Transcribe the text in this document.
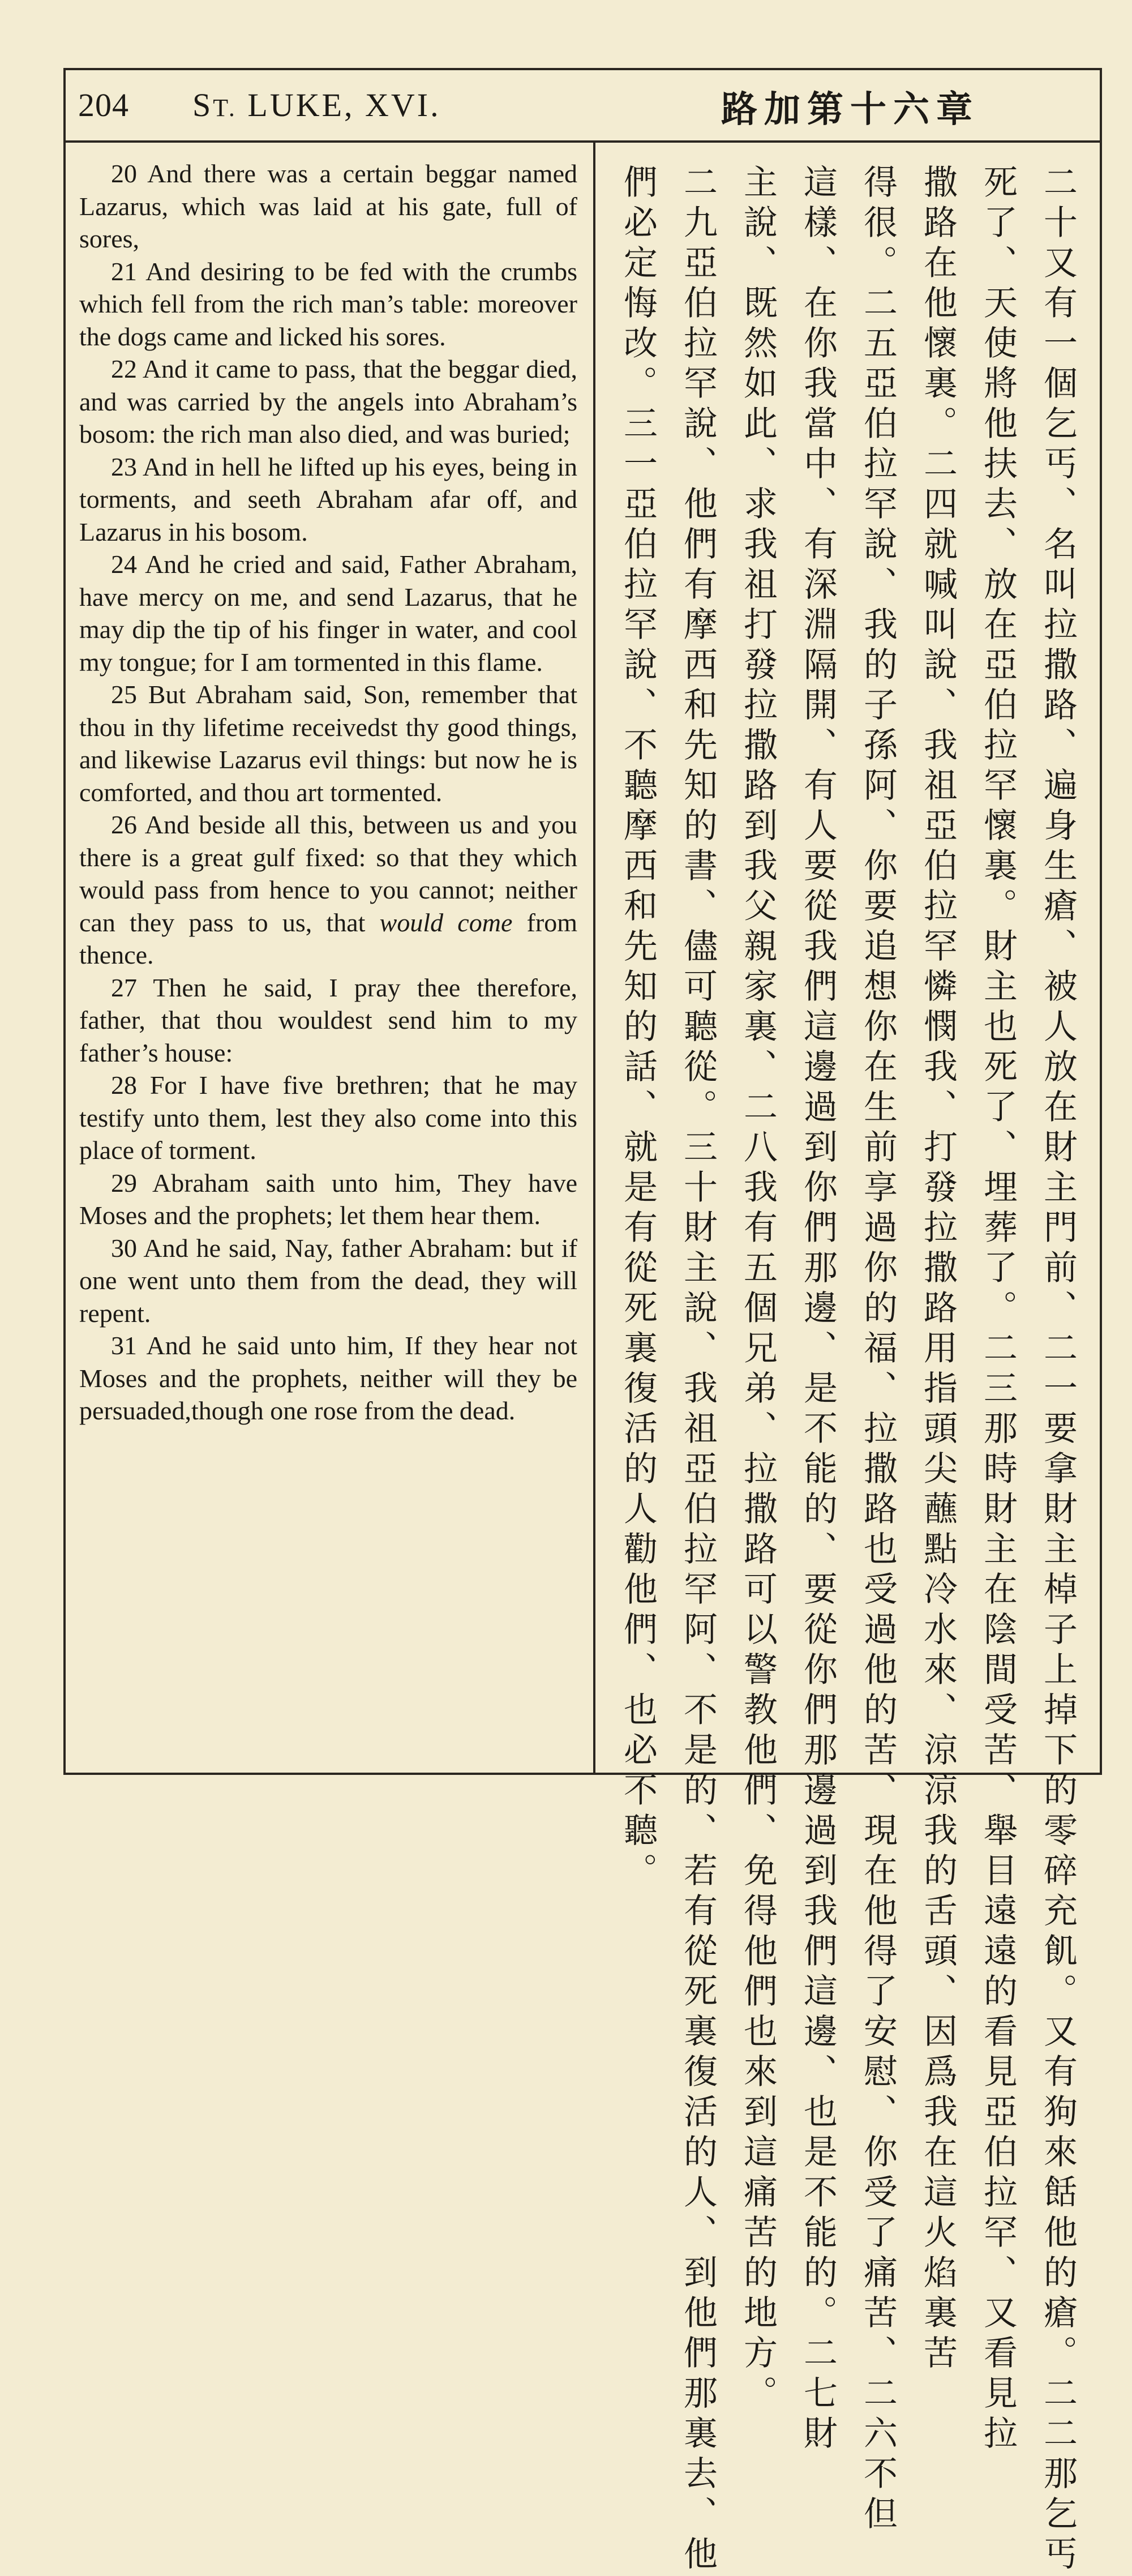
204 ST. LUKE, XVI.	路加第十六章

20 And there was a certain beggar named Lazarus, which was laid at his gate, full of sores,

21 And desiring to be fed with the crumbs which fell from the rich man’s table: moreover the dogs came and licked his sores.

22 And it came to pass, that the beggar died, and was carried by the angels into Abraham’s bosom: the rich man also died, and was buried;

23 And in hell he lifted up his eyes, being in torments, and seeth Abraham afar off, and Lazarus in his bosom.

24 And he cried and said, Father Abraham, have mercy on me, and send Lazarus, that he may dip the tip of his finger in water, and cool my tongue; for I am tormented in this flame.

25 But Abraham said, Son, remember that thou in thy lifetime receivedst thy good things, and likewise Lazarus evil things: but now he is comforted, and thou art tormented.

26 And beside all this, between us and you there is a great gulf fixed: so that they which would pass from hence to you cannot; neither can they pass to us, that would come from thence.

27 Then he said, I pray thee therefore, father, that thou wouldest send him to my father’s house:

28 For I have five brethren; that he may testify unto them, lest they also come into this place of torment.

29 Abraham saith unto him, They have Moses and the prophets; let them hear them.

30 And he said, Nay, father Abraham: but if one went unto them from the dead, they will repent.

31 And he said unto him, If they hear not Moses and the prophets, neither will they be persuaded,though one rose from the dead.	二十又有一個乞丐、名叫拉撒路、遍身生瘡、被人放在財主門前、二一要拿財主棹子上掉下的零碎充飢。又有狗來餂他的瘡。二二那乞丐
死了、天使將他扶去、放在亞伯拉罕懷裏。財主也死了、埋葬了。二三那時財主在陰間受苦、舉目遠遠的看見亞伯拉罕、又看見拉
撒路在他懷裏。二四就喊叫說、我祖亞伯拉罕憐憫我、打發拉撒路用指頭尖蘸點冷水來、涼涼我的舌頭、因爲我在這火焰裏苦
得很。二五亞伯拉罕說、我的子孫阿、你要追想你在生前享過你的福、拉撒路也受過他的苦、現在他得了安慰、你受了痛苦、二六不但
這樣、在你我當中、有深淵隔開、有人要從我們這邊過到你們那邊、是不能的、要從你們那邊過到我們這邊、也是不能的。二七財
主說、既然如此、求我祖打發拉撒路到我父親家裏、二八我有五個兄弟、拉撒路可以警教他們、免得他們也來到這痛苦的地方。
二九亞伯拉罕說、他們有摩西和先知的書、儘可聽從。三十財主說、我祖亞伯拉罕阿、不是的、若有從死裏復活的人、到他們那裏去、他
們必定悔改。三一亞伯拉罕說、不聽摩西和先知的話、就是有從死裏復活的人勸他們、也必不聽。
